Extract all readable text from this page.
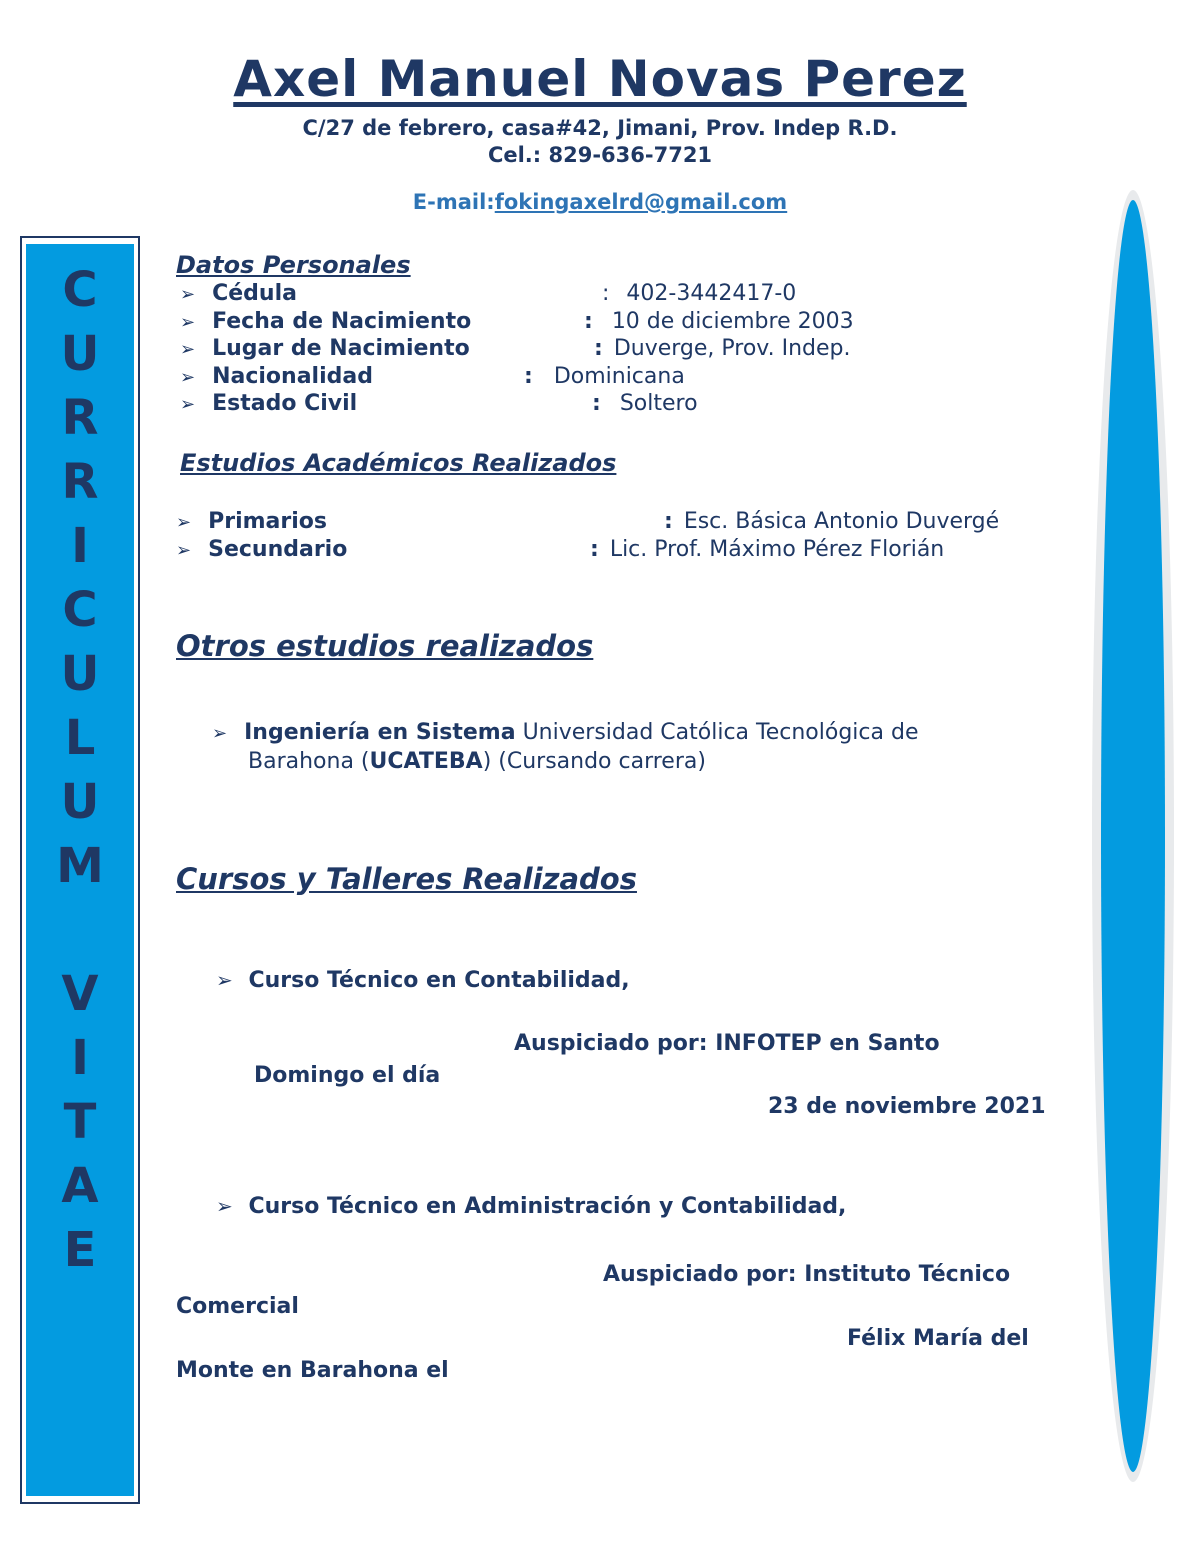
Axel Manuel Novas Perez
C/27 de febrero, casa#42, Jimani, Prov. Indep R.D.
Cel.: 829-636-7721
E-mail:fokingaxelrd@gmail.com
C
U
R
R
I
C
U
L
U
M
V
I
T
A
E
Datos Personales
➢ Cédula	: 402-3442417-0
➢ Fecha de Nacimiento	: 10 de diciembre 2003
➢ Lugar de Nacimiento	: Duverge, Prov. Indep.
➢ Nacionalidad	: Dominicana
➢ Estado Civil	: Soltero
Estudios Académicos Realizados
➢ Primarios	: Esc. Básica Antonio Duvergé
➢ Secundario	: Lic. Prof. Máximo Pérez Florián
Otros estudios realizados
➢ Ingeniería en Sistema Universidad Católica Tecnológica de
Barahona (UCATEBA) (Cursando carrera)
Cursos y Talleres Realizados
➢ Curso Técnico en Contabilidad,
Auspiciado por: INFOTEP en Santo
Domingo el día
23 de noviembre 2021
➢ Curso Técnico en Administración y Contabilidad,
Auspiciado por: Instituto Técnico
Comercial
Félix María del
Monte en Barahona el
